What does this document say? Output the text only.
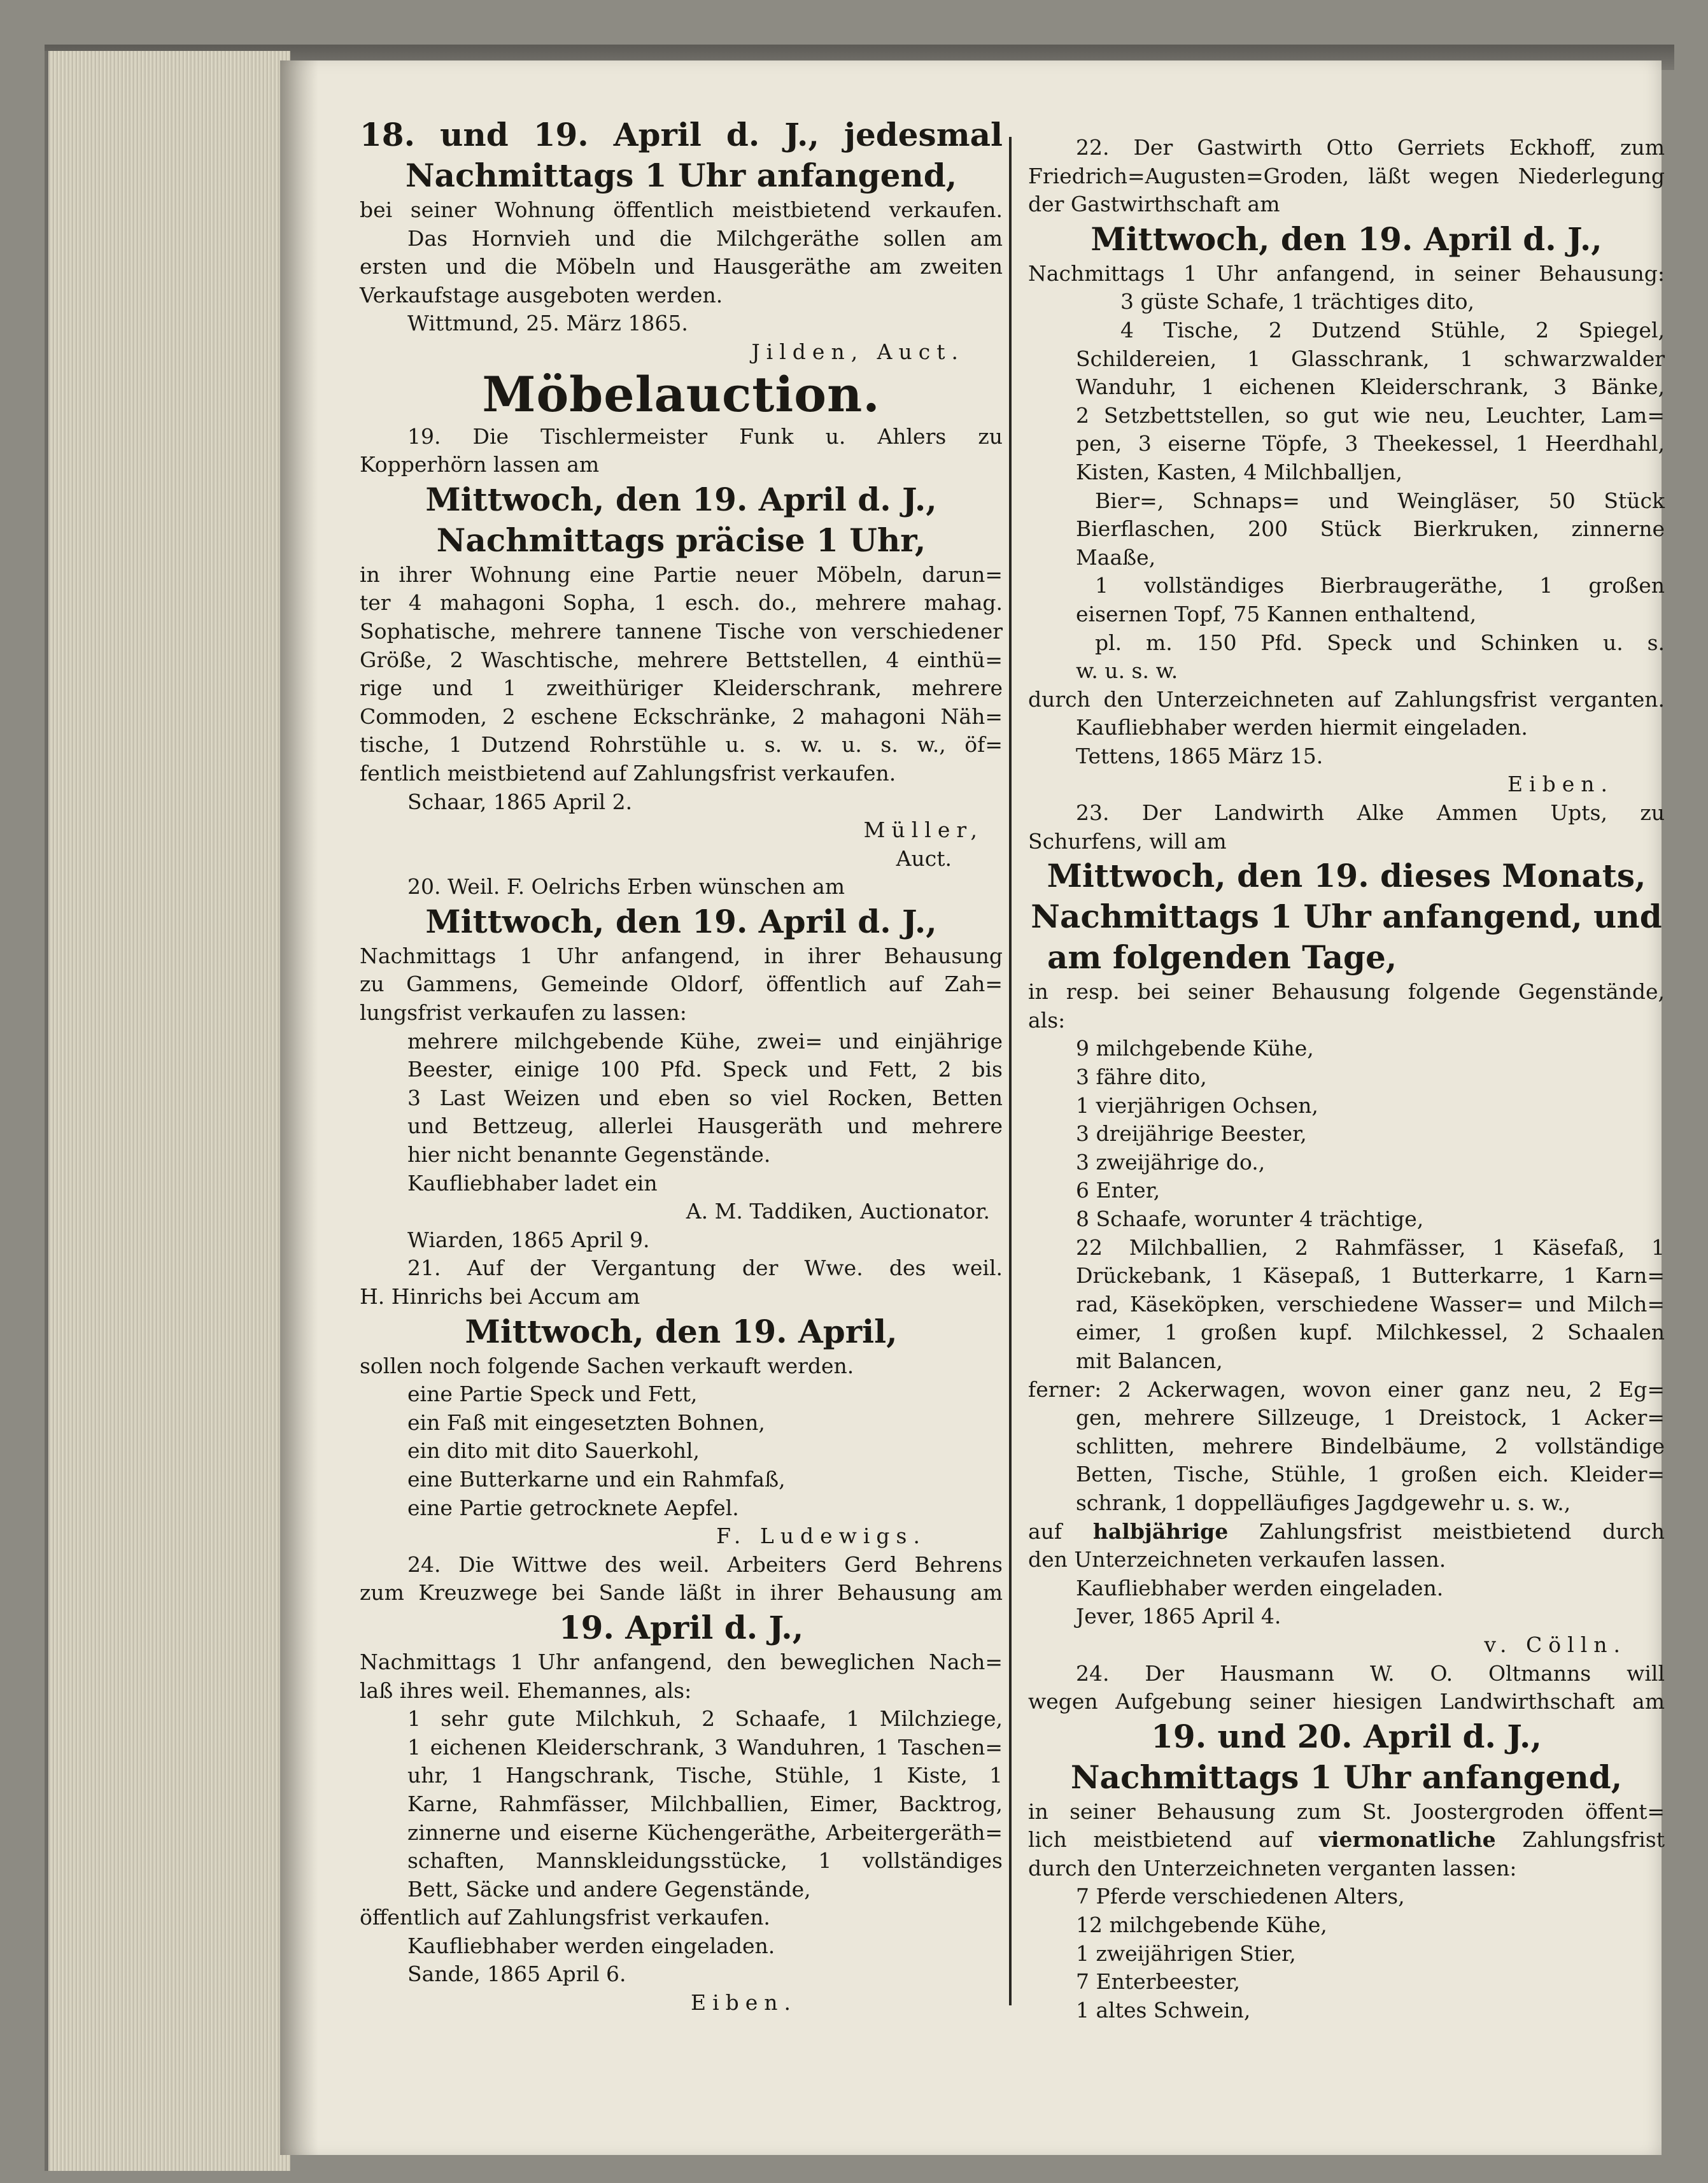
18. und 19. April d. J., jedesmal

Nachmittags 1 Uhr anfangend,

bei seiner Wohnung öffentlich meistbietend verkaufen.

Das Hornvieh und die Milchgeräthe sollen am

ersten und die Möbeln und Hausgeräthe am zweiten

Verkaufstage ausgeboten werden.

Wittmund, 25. März 1865.

Jilden, Auct.

Möbelauction.

19. Die Tischlermeister Funk u. Ahlers zu

Kopperhörn lassen am

Mittwoch, den 19. April d. J.,

Nachmittags präcise 1 Uhr,

in ihrer Wohnung eine Partie neuer Möbeln, darun=

ter 4 mahagoni Sopha, 1 esch. do., mehrere mahag.

Sophatische, mehrere tannene Tische von verschiedener

Größe, 2 Waschtische, mehrere Bettstellen, 4 einthü=

rige und 1 zweithüriger Kleiderschrank, mehrere

Commoden, 2 eschene Eckschränke, 2 mahagoni Näh=

tische, 1 Dutzend Rohrstühle u. s. w. u. s. w., öf=

fentlich meistbietend auf Zahlungsfrist verkaufen.

Schaar, 1865 April 2.

Müller,

Auct.

20. Weil. F. Oelrichs Erben wünschen am

Mittwoch, den 19. April d. J.,

Nachmittags 1 Uhr anfangend, in ihrer Behausung

zu Gammens, Gemeinde Oldorf, öffentlich auf Zah=

lungsfrist verkaufen zu lassen:

mehrere milchgebende Kühe, zwei= und einjährige

Beester, einige 100 Pfd. Speck und Fett, 2 bis

3 Last Weizen und eben so viel Rocken, Betten

und Bettzeug, allerlei Hausgeräth und mehrere

hier nicht benannte Gegenstände.

Kaufliebhaber ladet ein

A. M. Taddiken, Auctionator.

Wiarden, 1865 April 9.

21. Auf der Vergantung der Wwe. des weil.

H. Hinrichs bei Accum am

Mittwoch, den 19. April,

sollen noch folgende Sachen verkauft werden.

eine Partie Speck und Fett,

ein Faß mit eingesetzten Bohnen,

ein dito mit dito Sauerkohl,

eine Butterkarne und ein Rahmfaß,

eine Partie getrocknete Aepfel.

F. Ludewigs.

24. Die Wittwe des weil. Arbeiters Gerd Behrens

zum Kreuzwege bei Sande läßt in ihrer Behausung am

19. April d. J.,

Nachmittags 1 Uhr anfangend, den beweglichen Nach=

laß ihres weil. Ehemannes, als:

1 sehr gute Milchkuh, 2 Schaafe, 1 Milchziege,

1 eichenen Kleiderschrank, 3 Wanduhren, 1 Taschen=

uhr, 1 Hangschrank, Tische, Stühle, 1 Kiste, 1

Karne, Rahmfässer, Milchballien, Eimer, Backtrog,

zinnerne und eiserne Küchengeräthe, Arbeitergeräth=

schaften, Mannskleidungsstücke, 1 vollständiges

Bett, Säcke und andere Gegenstände,

öffentlich auf Zahlungsfrist verkaufen.

Kaufliebhaber werden eingeladen.

Sande, 1865 April 6.

Eiben.

22. Der Gastwirth Otto Gerriets Eckhoff, zum

Friedrich=Augusten=Groden, läßt wegen Niederlegung

der Gastwirthschaft am

Mittwoch, den 19. April d. J.,

Nachmittags 1 Uhr anfangend, in seiner Behausung:

3 güste Schafe, 1 trächtiges dito,

4 Tische, 2 Dutzend Stühle, 2 Spiegel,

Schildereien, 1 Glasschrank, 1 schwarzwalder

Wanduhr, 1 eichenen Kleiderschrank, 3 Bänke,

2 Setzbettstellen, so gut wie neu, Leuchter, Lam=

pen, 3 eiserne Töpfe, 3 Theekessel, 1 Heerdhahl,

Kisten, Kasten, 4 Milchballjen,

Bier=, Schnaps= und Weingläser, 50 Stück

Bierflaschen, 200 Stück Bierkruken, zinnerne

Maaße,

1 vollständiges Bierbraugeräthe, 1 großen

eisernen Topf, 75 Kannen enthaltend,

pl. m. 150 Pfd. Speck und Schinken u. s.

w. u. s. w.

durch den Unterzeichneten auf Zahlungsfrist verganten.

Kaufliebhaber werden hiermit eingeladen.

Tettens, 1865 März 15.

Eiben.

23. Der Landwirth Alke Ammen Upts, zu

Schurfens, will am

Mittwoch, den 19. dieses Monats,

Nachmittags 1 Uhr anfangend, und

am folgenden Tage,

in resp. bei seiner Behausung folgende Gegenstände,

als:

9 milchgebende Kühe,

3 fähre dito,

1 vierjährigen Ochsen,

3 dreijährige Beester,

3 zweijährige do.,

6 Enter,

8 Schaafe, worunter 4 trächtige,

22 Milchballien, 2 Rahmfässer, 1 Käsefaß, 1

Drückebank, 1 Käsepaß, 1 Butterkarre, 1 Karn=

rad, Käseköpken, verschiedene Wasser= und Milch=

eimer, 1 großen kupf. Milchkessel, 2 Schaalen

mit Balancen,

ferner: 2 Ackerwagen, wovon einer ganz neu, 2 Eg=

gen, mehrere Sillzeuge, 1 Dreistock, 1 Acker=

schlitten, mehrere Bindelbäume, 2 vollständige

Betten, Tische, Stühle, 1 großen eich. Kleider=

schrank, 1 doppelläufiges Jagdgewehr u. s. w.,

auf halbjährige Zahlungsfrist meistbietend durch

den Unterzeichneten verkaufen lassen.

Kaufliebhaber werden eingeladen.

Jever, 1865 April 4.

v. Cölln.

24. Der Hausmann W. O. Oltmanns will

wegen Aufgebung seiner hiesigen Landwirthschaft am

19. und 20. April d. J.,

Nachmittags 1 Uhr anfangend,

in seiner Behausung zum St. Joostergroden öffent=

lich meistbietend auf viermonatliche Zahlungsfrist

durch den Unterzeichneten verganten lassen:

7 Pferde verschiedenen Alters,

12 milchgebende Kühe,

1 zweijährigen Stier,

7 Enterbeester,

1 altes Schwein,
